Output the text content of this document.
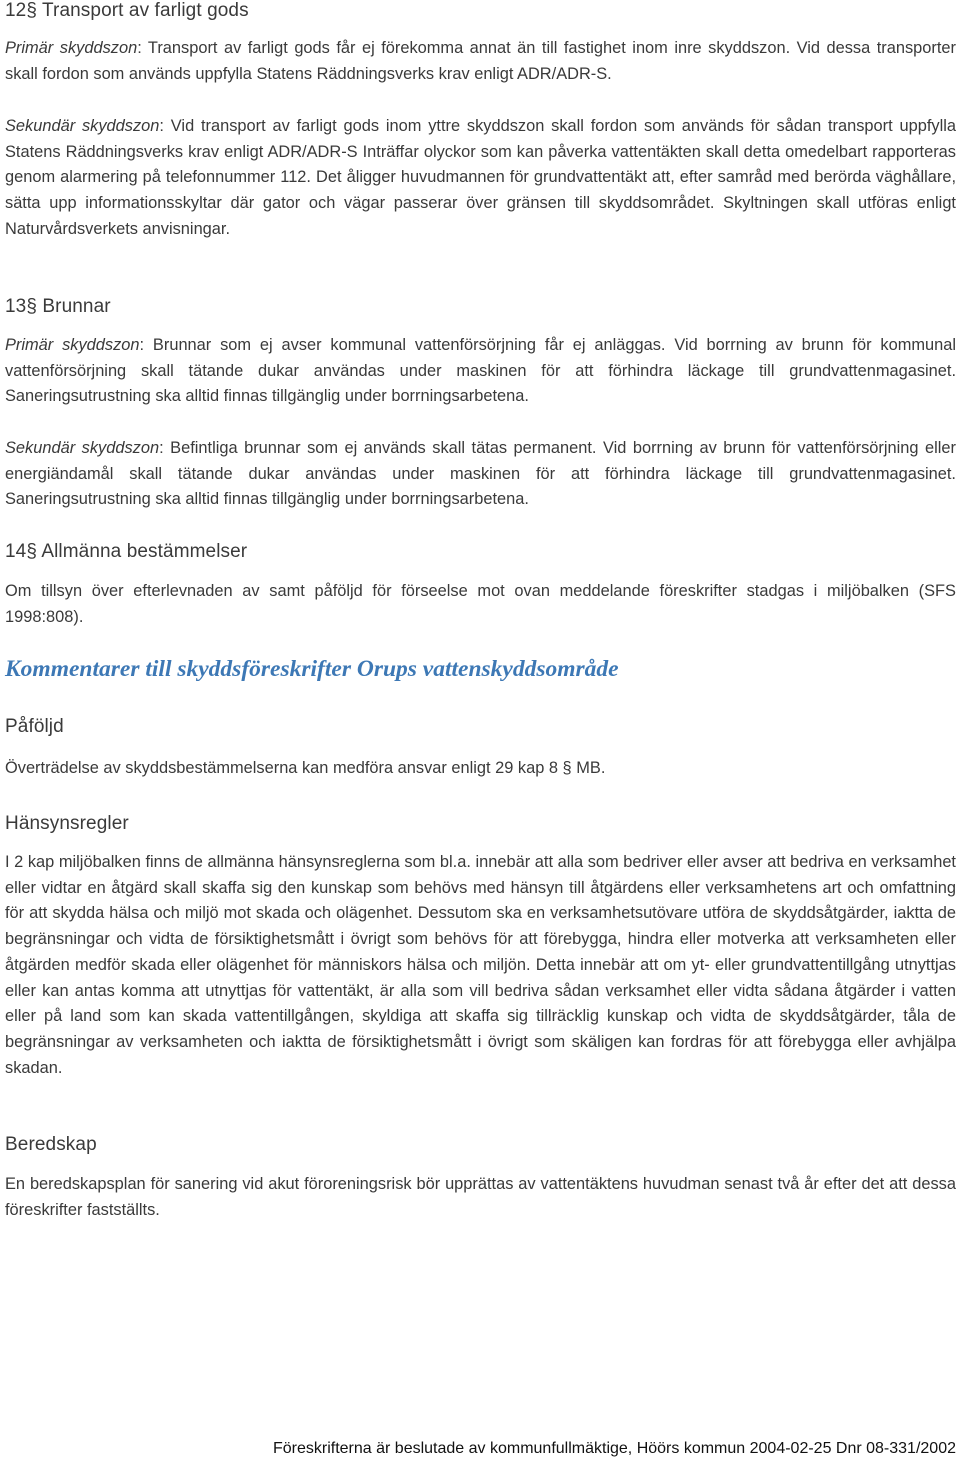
12§ Transport av farligt gods

Primär skyddszon: Transport av farligt gods får ej förekomma annat än till fastighet inom inre skyddszon. Vid dessa transporter skall fordon som används uppfylla Statens Räddningsverks krav enligt ADR/ADR-S.

Sekundär skyddszon: Vid transport av farligt gods inom yttre skyddszon skall fordon som används för sådan transport uppfylla Statens Räddningsverks krav enligt ADR/ADR-S Inträffar olyckor som kan påverka vattentäkten skall detta omedelbart rapporteras genom alarmering på telefonnummer 112. Det åligger huvudmannen för grundvattentäkt att, efter samråd med berörda väghållare, sätta upp informationsskyltar där gator och vägar passerar över gränsen till skyddsområdet. Skyltningen skall utföras enligt Naturvårdsverkets anvisningar.

13§ Brunnar

Primär skyddszon: Brunnar som ej avser kommunal vattenförsörjning får ej anläggas. Vid borrning av brunn för kommunal vattenförsörjning skall tätande dukar användas under maskinen för att förhindra läckage till grundvattenmagasinet. Saneringsutrustning ska alltid finnas tillgänglig under borrningsarbetena.

Sekundär skyddszon: Befintliga brunnar som ej används skall tätas permanent. Vid borrning av brunn för vattenförsörjning eller energiändamål skall tätande dukar användas under maskinen för att förhindra läckage till grundvattenmagasinet. Saneringsutrustning ska alltid finnas tillgänglig under borrningsarbetena.

14§ Allmänna bestämmelser

Om tillsyn över efterlevnaden av samt påföljd för förseelse mot ovan meddelande föreskrifter stadgas i miljöbalken (SFS 1998:808).

Kommentarer till skyddsföreskrifter Orups vattenskyddsområde
Påföljd

Överträdelse av skyddsbestämmelserna kan medföra ansvar enligt 29 kap 8 § MB.

Hänsynsregler

I 2 kap miljöbalken finns de allmänna hänsynsreglerna som bl.a. innebär att alla som bedriver eller avser att bedriva en verksamhet eller vidtar en åtgärd skall skaffa sig den kunskap som behövs med hänsyn till åtgärdens eller verksamhetens art och omfattning för att skydda hälsa och miljö mot skada och olägenhet. Dessutom ska en verksamhetsutövare utföra de skyddsåtgärder, iaktta de begränsningar och vidta de försiktighetsmått i övrigt som behövs för att förebygga, hindra eller motverka att verksamheten eller åtgärden medför skada eller olägenhet för människors hälsa och miljön. Detta innebär att om yt- eller grundvattentillgång utnyttjas eller kan antas komma att utnyttjas för vattentäkt, är alla som vill bedriva sådan verksamhet eller vidta sådana åtgärder i vatten eller på land som kan skada vattentillgången, skyldiga att skaffa sig tillräcklig kunskap och vidta de skyddsåtgärder, tåla de begränsningar av verksamheten och iaktta de försiktighetsmått i övrigt som skäligen kan fordras för att förebygga eller avhjälpa skadan.

Beredskap

En beredskapsplan för sanering vid akut föroreningsrisk bör upprättas av vattentäktens huvudman senast två år efter det att dessa föreskrifter fastställts.

Föreskrifterna är beslutade av kommunfullmäktige, Höörs kommun 2004-02-25 Dnr 08-331/2002
